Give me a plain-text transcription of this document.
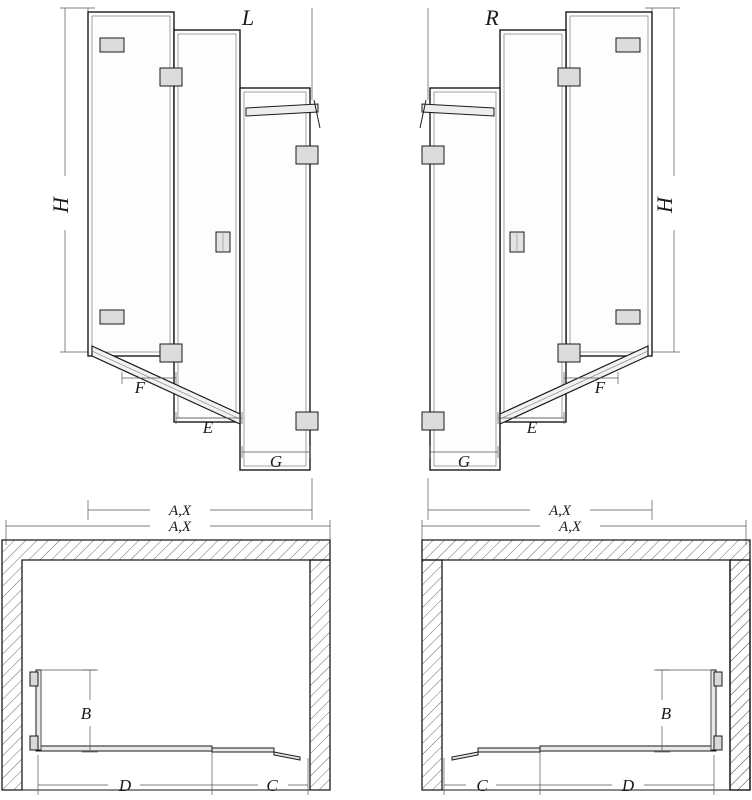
L
H
A,X
F
E
G
R
H
A,X
F
E
G
B
D	C
A,X
B
C	D
A,X
